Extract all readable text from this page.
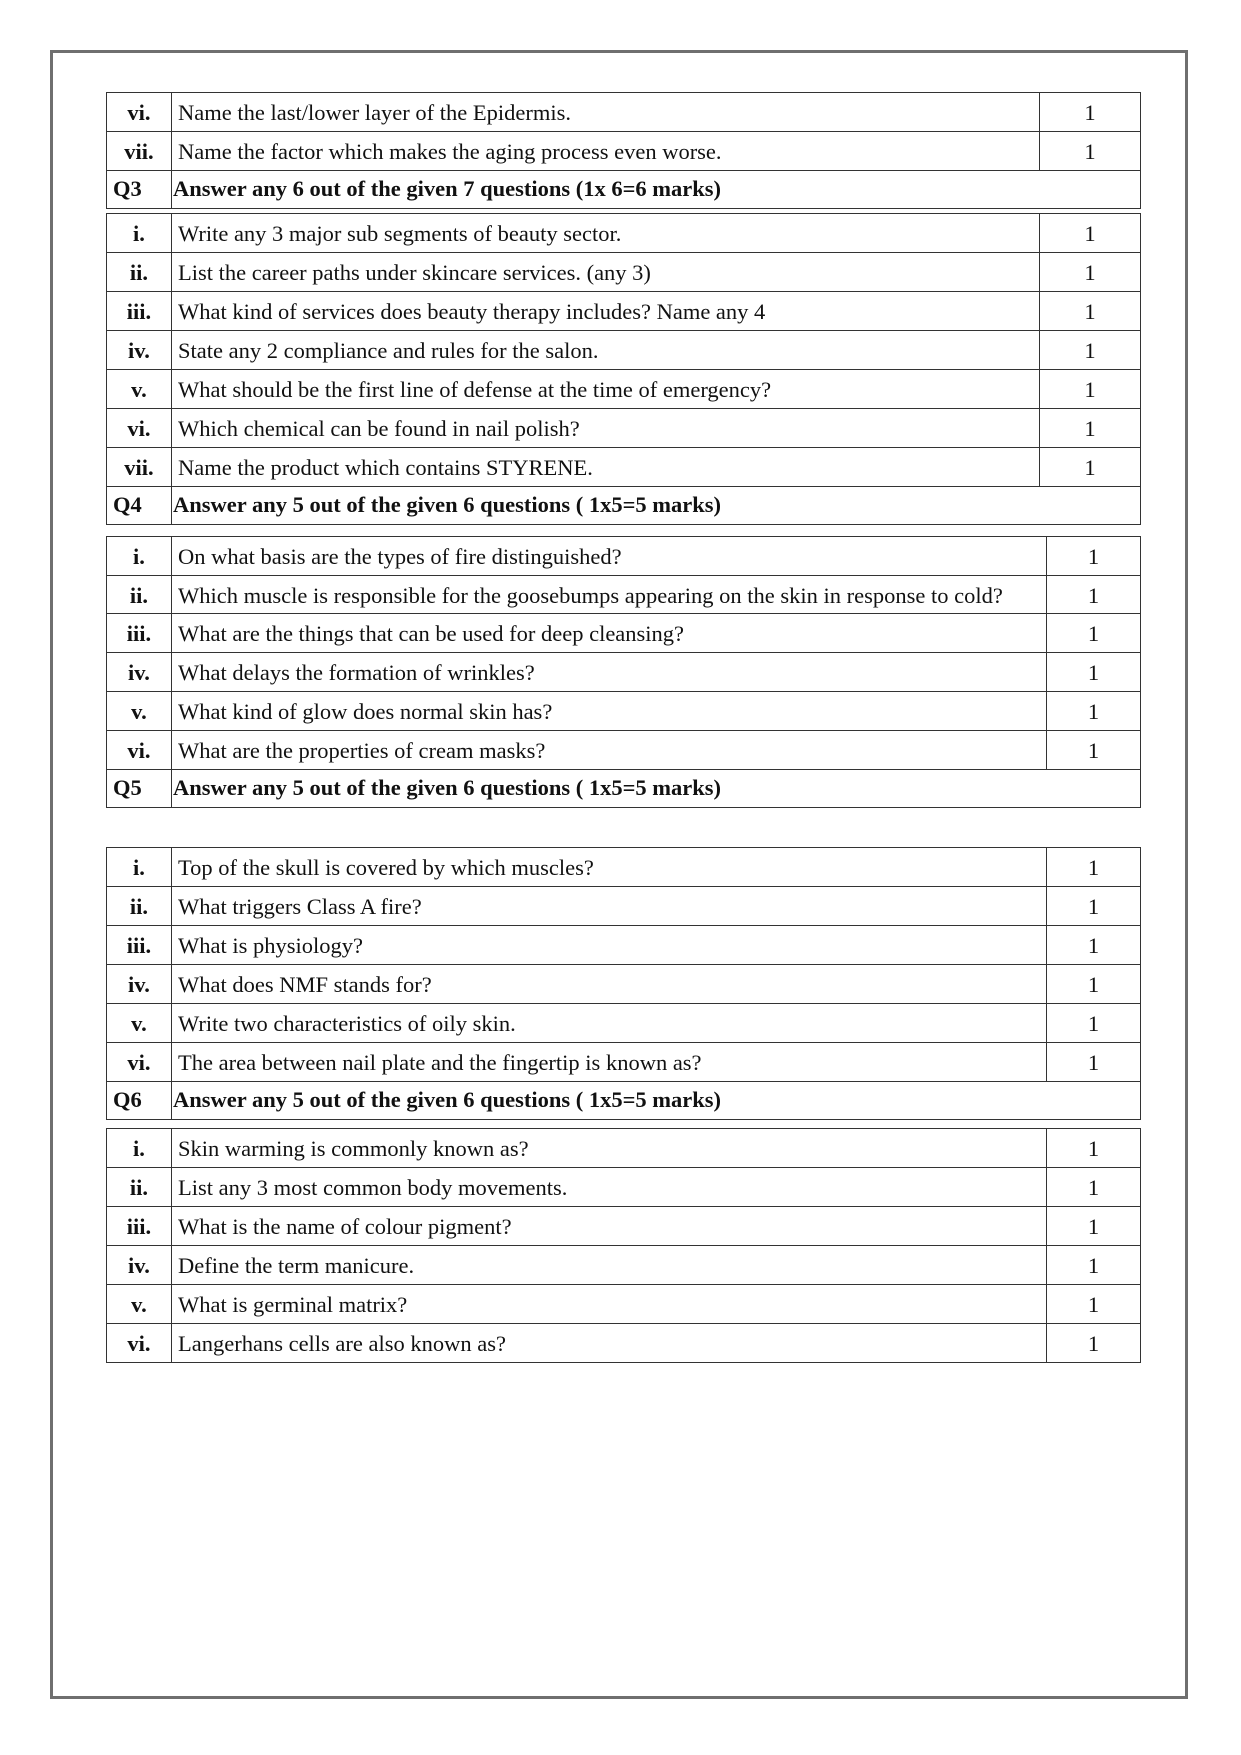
vi.	Name the last/lower layer of the Epidermis.	1
vii.	Name the factor which makes the aging process even worse.	1
Q3	Answer any 6 out of the given 7 questions (1x 6=6 marks)	
i.	Write any 3 major sub segments of beauty sector.	1
ii.	List the career paths under skincare services. (any 3)	1
iii.	What kind of services does beauty therapy includes? Name any 4	1
iv.	State any 2 compliance and rules for the salon.	1
v.	What should be the first line of defense at the time of emergency?	1
vi.	Which chemical can be found in nail polish?	1
vii.	Name the product which contains STYRENE.	1
Q4	Answer any 5 out of the given 6 questions ( 1x5=5 marks)	
i.	On what basis are the types of fire distinguished?	1
ii.	Which muscle is responsible for the goosebumps appearing on the skin in response to cold?	1
iii.	What are the things that can be used for deep cleansing?	1
iv.	What delays the formation of wrinkles?	1
v.	What kind of glow does normal skin has?	1
vi.	What are the properties of cream masks?	1
Q5	Answer any 5 out of the given 6 questions ( 1x5=5 marks)	
i.	Top of the skull is covered by which muscles?	1
ii.	What triggers Class A fire?	1
iii.	What is physiology?	1
iv.	What does NMF stands for?	1
v.	Write two characteristics of oily skin.	1
vi.	The area between nail plate and the fingertip is known as?	1
Q6	Answer any 5 out of the given 6 questions ( 1x5=5 marks)	
i.	Skin warming is commonly known as?	1
ii.	List any 3 most common body movements.	1
iii.	What is the name of colour pigment?	1
iv.	Define the term manicure.	1
v.	What is germinal matrix?	1
vi.	Langerhans cells are also known as?	1
